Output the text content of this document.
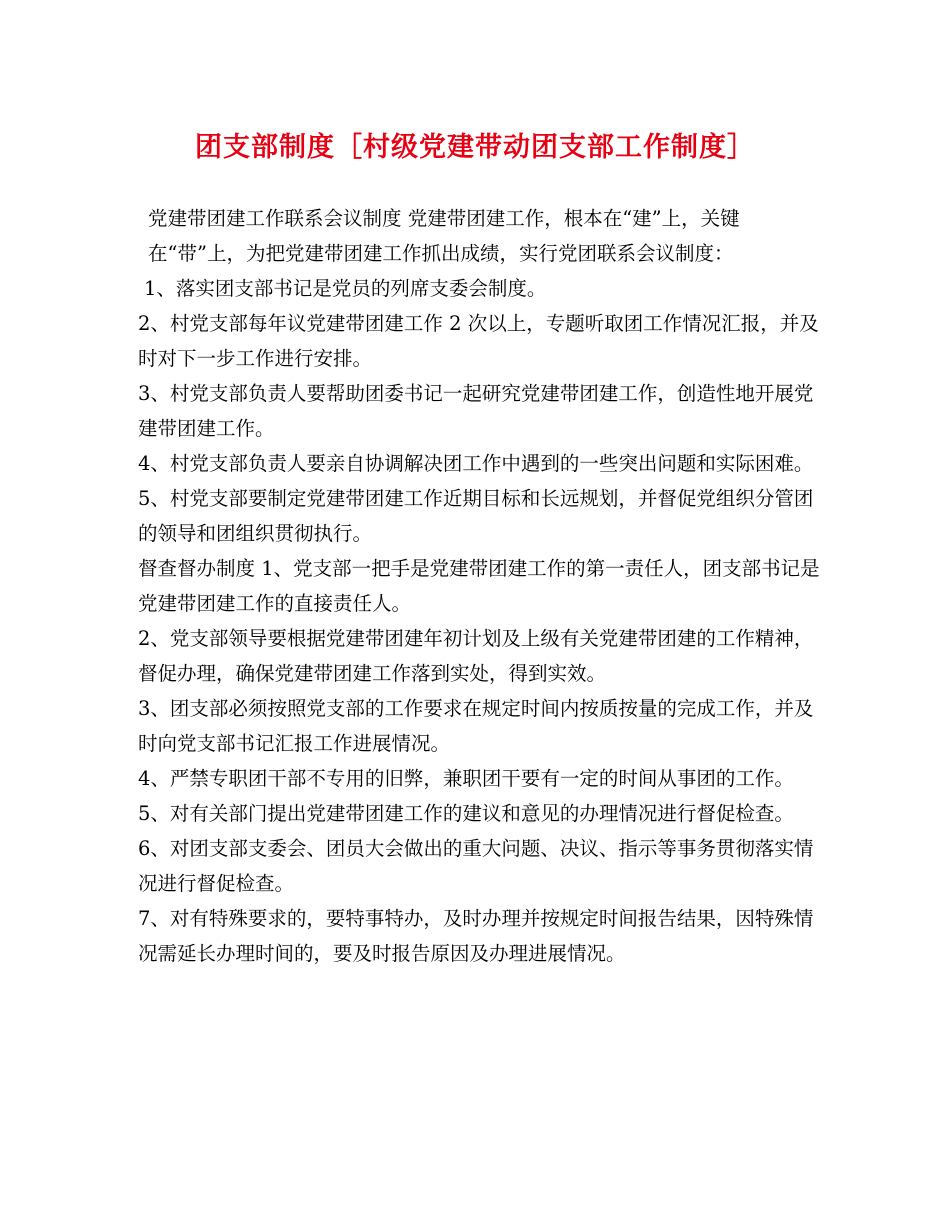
团支部制度［村级党建带动团支部工作制度］

党建带团建工作联系会议制度 党建带团建工作，根本在“建”上，关键在“带”上，为把党建带团建工作抓出成绩，实行党团联系会议制度：

1、落实团支部书记是党员的列席支委会制度。

2、村党支部每年议党建带团建工作 2 次以上，专题听取团工作情况汇报，并及时对下一步工作进行安排。

3、村党支部负责人要帮助团委书记一起研究党建带团建工作，创造性地开展党建带团建工作。

4、村党支部负责人要亲自协调解决团工作中遇到的一些突出问题和实际困难。

5、村党支部要制定党建带团建工作近期目标和长远规划，并督促党组织分管团的领导和团组织贯彻执行。

督查督办制度 1、党支部一把手是党建带团建工作的第一责任人，团支部书记是党建带团建工作的直接责任人。

2、党支部领导要根据党建带团建年初计划及上级有关党建带团建的工作精神，督促办理，确保党建带团建工作落到实处，得到实效。

3、团支部必须按照党支部的工作要求在规定时间内按质按量的完成工作，并及时向党支部书记汇报工作进展情况。

4、严禁专职团干部不专用的旧弊，兼职团干要有一定的时间从事团的工作。

5、对有关部门提出党建带团建工作的建议和意见的办理情况进行督促检查。

6、对团支部支委会、团员大会做出的重大问题、决议、指示等事务贯彻落实情况进行督促检查。

7、对有特殊要求的，要特事特办，及时办理并按规定时间报告结果，因特殊情况需延长办理时间的，要及时报告原因及办理进展情况。
